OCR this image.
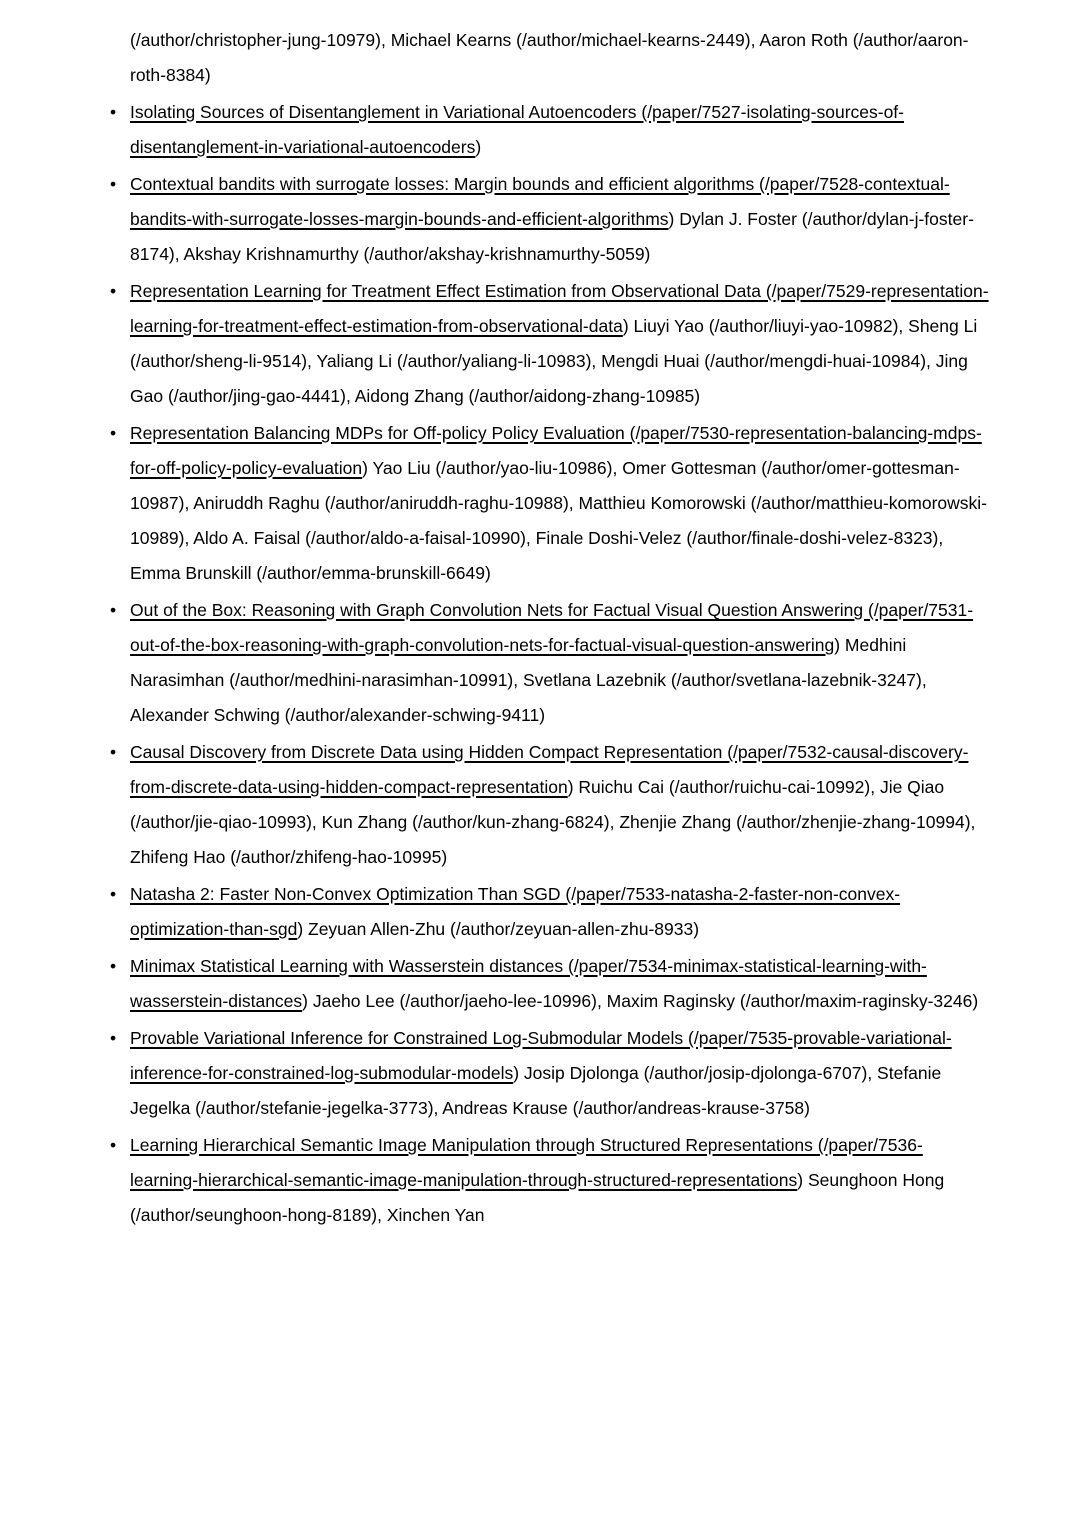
(/author/christopher-jung-10979), Michael Kearns (/author/michael-kearns-2449), Aaron Roth (/author/aaron-roth-8384)
• Isolating Sources of Disentanglement in Variational Autoencoders (/paper/7527-isolating-sources-of-disentanglement-in-variational-autoencoders)
• Contextual bandits with surrogate losses: Margin bounds and efficient algorithms (/paper/7528-contextual-bandits-with-surrogate-losses-margin-bounds-and-efficient-algorithms) Dylan J. Foster (/author/dylan-j-foster-8174), Akshay Krishnamurthy (/author/akshay-krishnamurthy-5059)
• Representation Learning for Treatment Effect Estimation from Observational Data (/paper/7529-representation-learning-for-treatment-effect-estimation-from-observational-data) Liuyi Yao (/author/liuyi-yao-10982), Sheng Li (/author/sheng-li-9514), Yaliang Li (/author/yaliang-li-10983), Mengdi Huai (/author/mengdi-huai-10984), Jing Gao (/author/jing-gao-4441), Aidong Zhang (/author/aidong-zhang-10985)
• Representation Balancing MDPs for Off-policy Policy Evaluation (/paper/7530-representation-balancing-mdps-for-off-policy-policy-evaluation) Yao Liu (/author/yao-liu-10986), Omer Gottesman (/author/omer-gottesman-10987), Aniruddh Raghu (/author/aniruddh-raghu-10988), Matthieu Komorowski (/author/matthieu-komorowski-10989), Aldo A. Faisal (/author/aldo-a-faisal-10990), Finale Doshi-Velez (/author/finale-doshi-velez-8323), Emma Brunskill (/author/emma-brunskill-6649)
• Out of the Box: Reasoning with Graph Convolution Nets for Factual Visual Question Answering (/paper/7531-out-of-the-box-reasoning-with-graph-convolution-nets-for-factual-visual-question-answering) Medhini Narasimhan (/author/medhini-narasimhan-10991), Svetlana Lazebnik (/author/svetlana-lazebnik-3247), Alexander Schwing (/author/alexander-schwing-9411)
• Causal Discovery from Discrete Data using Hidden Compact Representation (/paper/7532-causal-discovery-from-discrete-data-using-hidden-compact-representation) Ruichu Cai (/author/ruichu-cai-10992), Jie Qiao (/author/jie-qiao-10993), Kun Zhang (/author/kun-zhang-6824), Zhenjie Zhang (/author/zhenjie-zhang-10994), Zhifeng Hao (/author/zhifeng-hao-10995)
• Natasha 2: Faster Non-Convex Optimization Than SGD (/paper/7533-natasha-2-faster-non-convex-optimization-than-sgd) Zeyuan Allen-Zhu (/author/zeyuan-allen-zhu-8933)
• Minimax Statistical Learning with Wasserstein distances (/paper/7534-minimax-statistical-learning-with-wasserstein-distances) Jaeho Lee (/author/jaeho-lee-10996), Maxim Raginsky (/author/maxim-raginsky-3246)
• Provable Variational Inference for Constrained Log-Submodular Models (/paper/7535-provable-variational-inference-for-constrained-log-submodular-models) Josip Djolonga (/author/josip-djolonga-6707), Stefanie Jegelka (/author/stefanie-jegelka-3773), Andreas Krause (/author/andreas-krause-3758)
• Learning Hierarchical Semantic Image Manipulation through Structured Representations (/paper/7536-learning-hierarchical-semantic-image-manipulation-through-structured-representations) Seunghoon Hong (/author/seunghoon-hong-8189), Xinchen Yan
